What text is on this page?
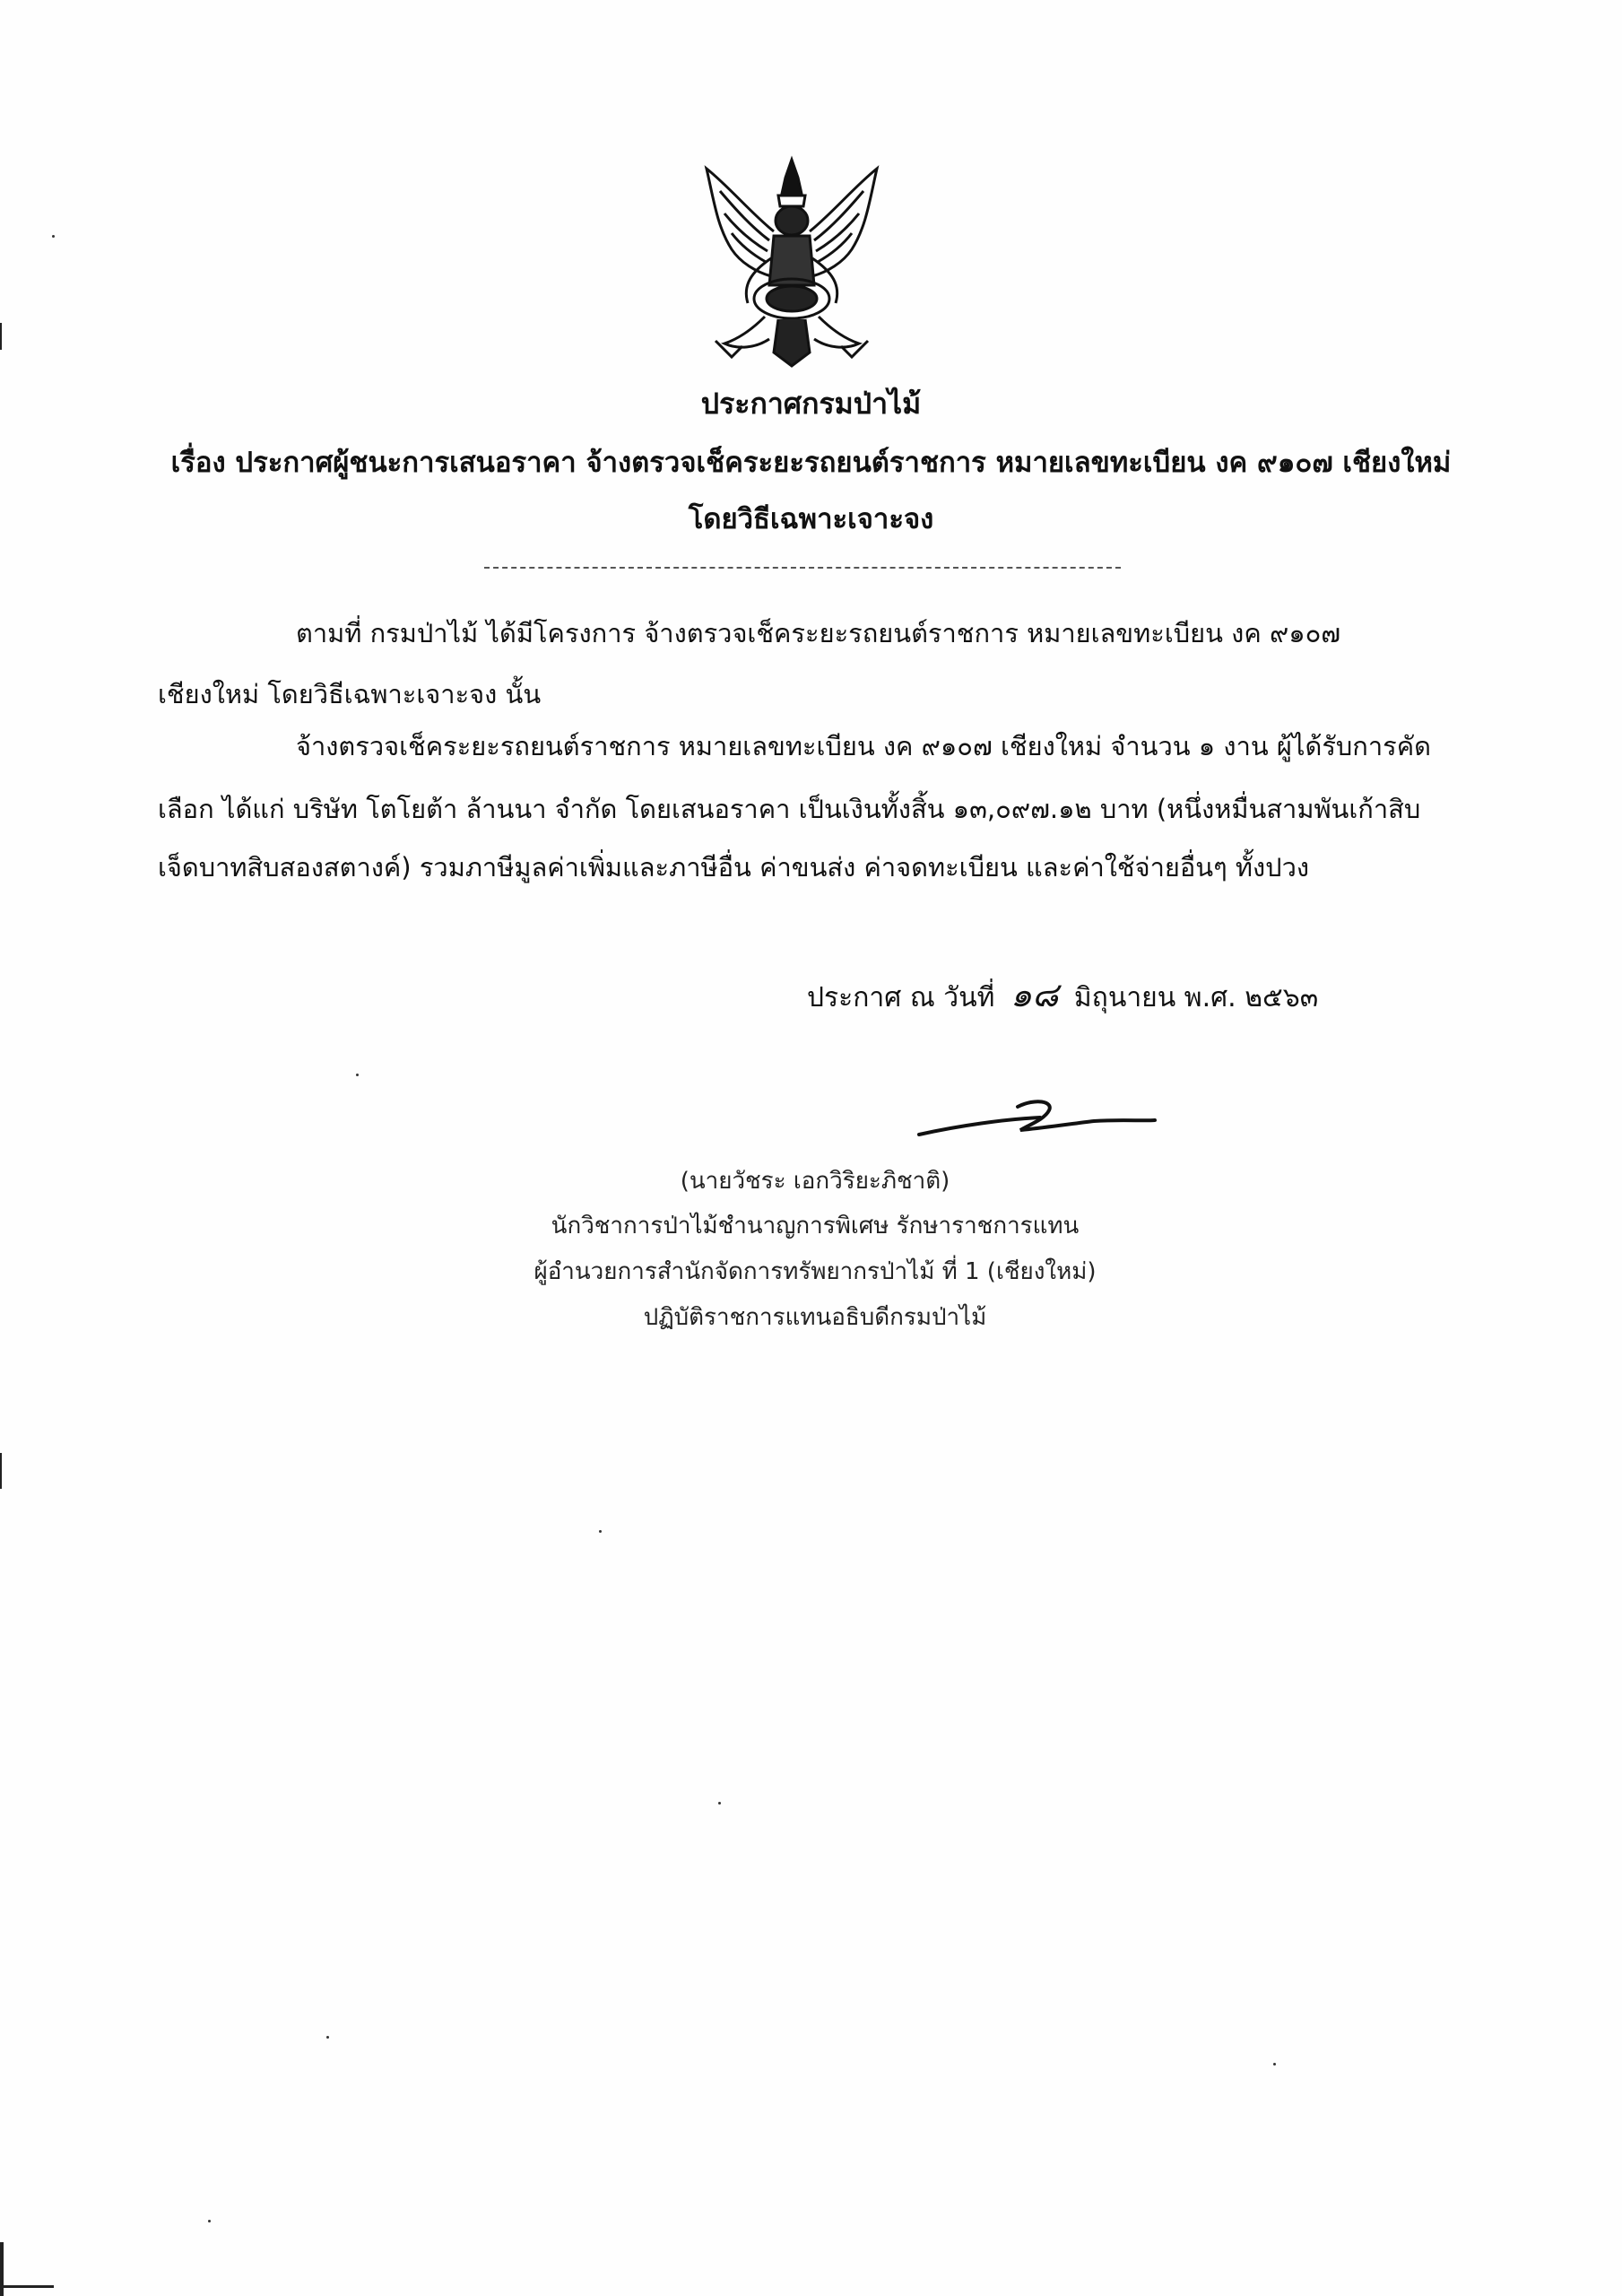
ประกาศกรมป่าไม้
เรื่อง ประกาศผู้ชนะการเสนอราคา จ้างตรวจเช็คระยะรถยนต์ราชการ หมายเลขทะเบียน งค ๙๑๐๗ เชียงใหม่
โดยวิธีเฉพาะเจาะจง
ตามที่ กรมป่าไม้ ได้มีโครงการ จ้างตรวจเช็คระยะรถยนต์ราชการ หมายเลขทะเบียน งค ๙๑๐๗
เชียงใหม่ โดยวิธีเฉพาะเจาะจง นั้น
จ้างตรวจเช็คระยะรถยนต์ราชการ หมายเลขทะเบียน งค ๙๑๐๗ เชียงใหม่ จำนวน ๑ งาน ผู้ได้รับการคัด
เลือก ได้แก่ บริษัท โตโยต้า ล้านนา จำกัด โดยเสนอราคา เป็นเงินทั้งสิ้น ๑๓,๐๙๗.๑๒ บาท (หนึ่งหมื่นสามพันเก้าสิบ
เจ็ดบาทสิบสองสตางค์) รวมภาษีมูลค่าเพิ่มและภาษีอื่น ค่าขนส่ง ค่าจดทะเบียน และค่าใช้จ่ายอื่นๆ ทั้งปวง
ประกาศ ณ วันที่ ๑๘ มิถุนายน พ.ศ. ๒๕๖๓
(นายวัชระ เอกวิริยะภิชาติ)
นักวิชาการป่าไม้ชำนาญการพิเศษ รักษาราชการแทน
ผู้อำนวยการสำนักจัดการทรัพยากรป่าไม้ ที่ 1 (เชียงใหม่)
ปฏิบัติราชการแทนอธิบดีกรมป่าไม้
